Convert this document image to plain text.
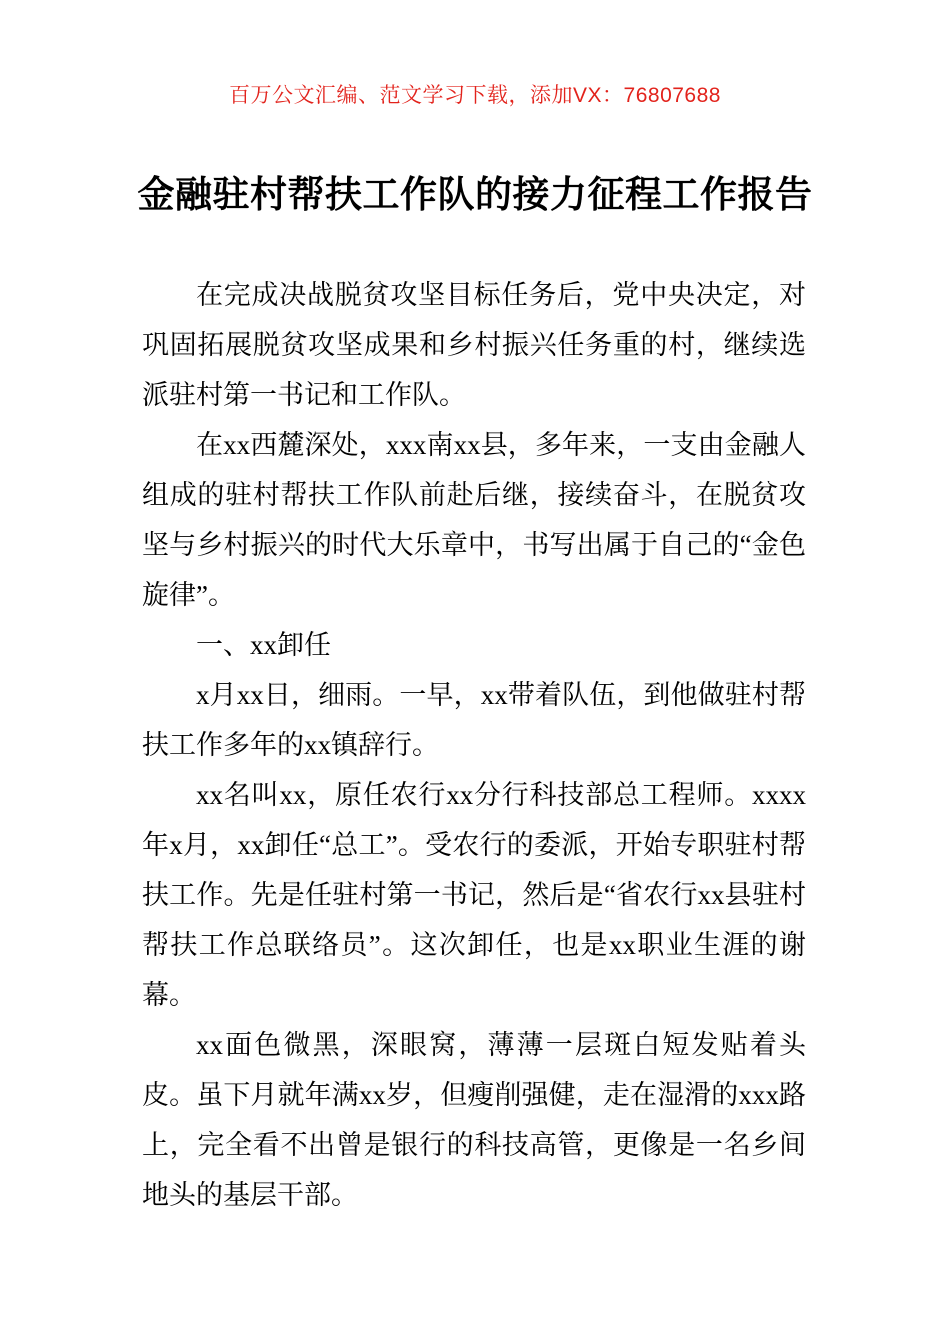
百万公文汇编、范文学习下载，添加VX：76807688
金融驻村帮扶工作队的接力征程工作报告

在完成决战脱贫攻坚目标任务后，党中央决定，对巩固拓展脱贫攻坚成果和乡村振兴任务重的村，继续选派驻村第一书记和工作队。

在xx西麓深处，xxx南xx县，多年来，一支由金融人组成的驻村帮扶工作队前赴后继，接续奋斗，在脱贫攻坚与乡村振兴的时代大乐章中，书写出属于自己的“金色旋律”。

一、xx卸任

x月xx日，细雨。一早，xx带着队伍，到他做驻村帮扶工作多年的xx镇辞行。

xx名叫xx，原任农行xx分行科技部总工程师。xxxx年x月，xx卸任“总工”。受农行的委派，开始专职驻村帮扶工作。先是任驻村第一书记，然后是“省农行xx县驻村帮扶工作总联络员”。这次卸任，也是xx职业生涯的谢幕。

xx面色微黑，深眼窝，薄薄一层斑白短发贴着头皮。虽下月就年满xx岁，但瘦削强健，走在湿滑的xxx路上，完全看不出曾是银行的科技高管，更像是一名乡间地头的基层干部。
